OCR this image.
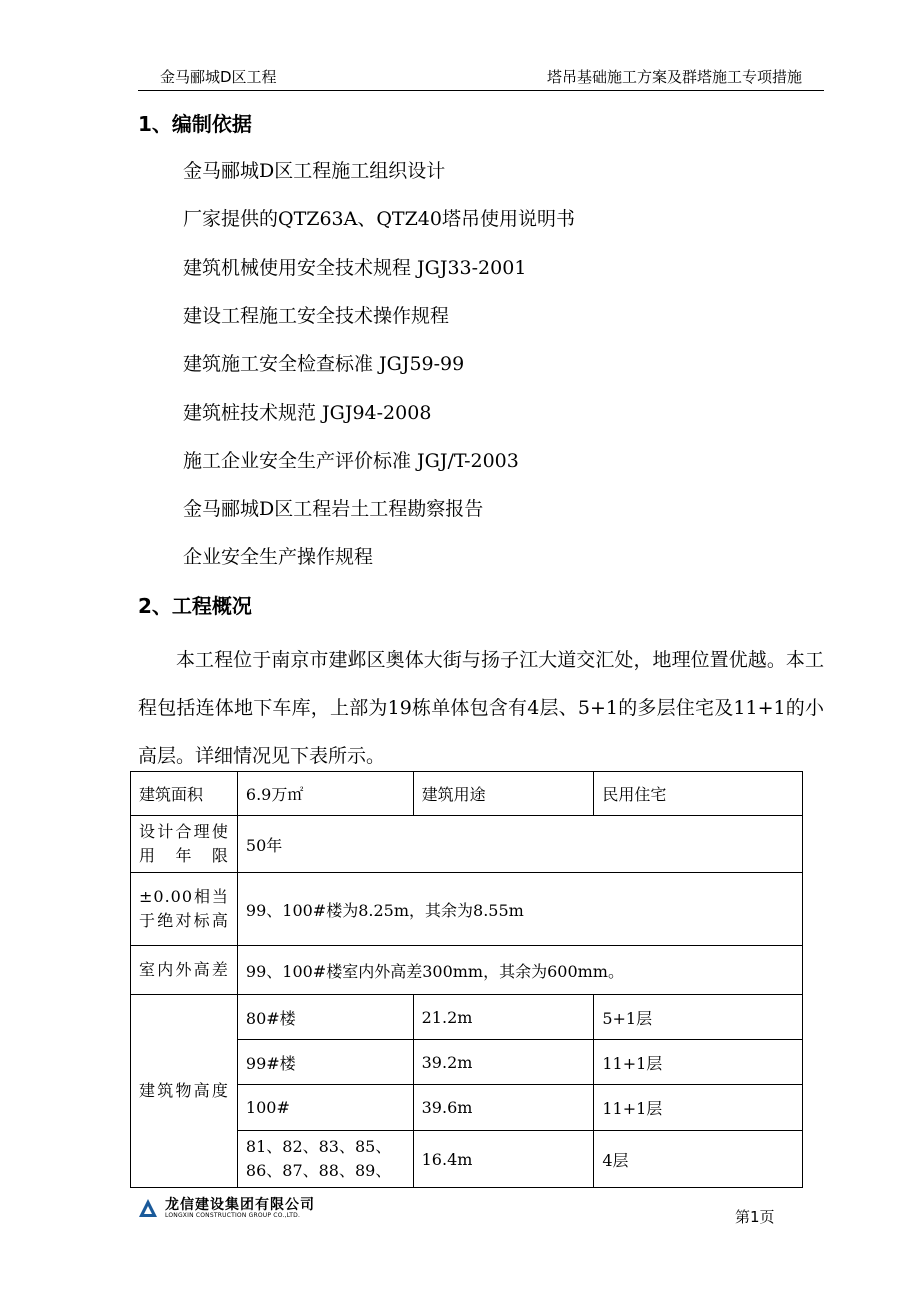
金马郦城D区工程	塔吊基础施工方案及群塔施工专项措施
1、编制依据
金马郦城D区工程施工组织设计
厂家提供的QTZ63A、QTZ40塔吊使用说明书
建筑机械使用安全技术规程 JGJ33-2001
建设工程施工安全技术操作规程
建筑施工安全检查标准 JGJ59-99
建筑桩技术规范 JGJ94-2008
施工企业安全生产评价标准 JGJ/T-2003
金马郦城D区工程岩土工程勘察报告
企业安全生产操作规程
2、工程概况
本工程位于南京市建邺区奥体大街与扬子江大道交汇处，地理位置优越。本工程包括连体地下车库，上部为19栋单体包含有4层、5+1的多层住宅及11+1的小高层。详细情况见下表所示。
建筑面积	6.9万㎡	建筑用途	民用住宅
设计合理使用年限	50年		
±0.00相当于绝对标高	99、100#楼为8.25m，其余为8.55m		
室内外高差	99、100#楼室内外高差300mm，其余为600mm。		
建筑物高度	80#楼	21.2m	5+1层
	99#楼	39.2m	11+1层
	100#	39.6m	11+1层
	81、82、83、85、86、87、88、89、	16.4m	4层
龙信建设集团有限公司
LONGXIN CONSTRUCTION GROUP CO.,LTD.	第1页
